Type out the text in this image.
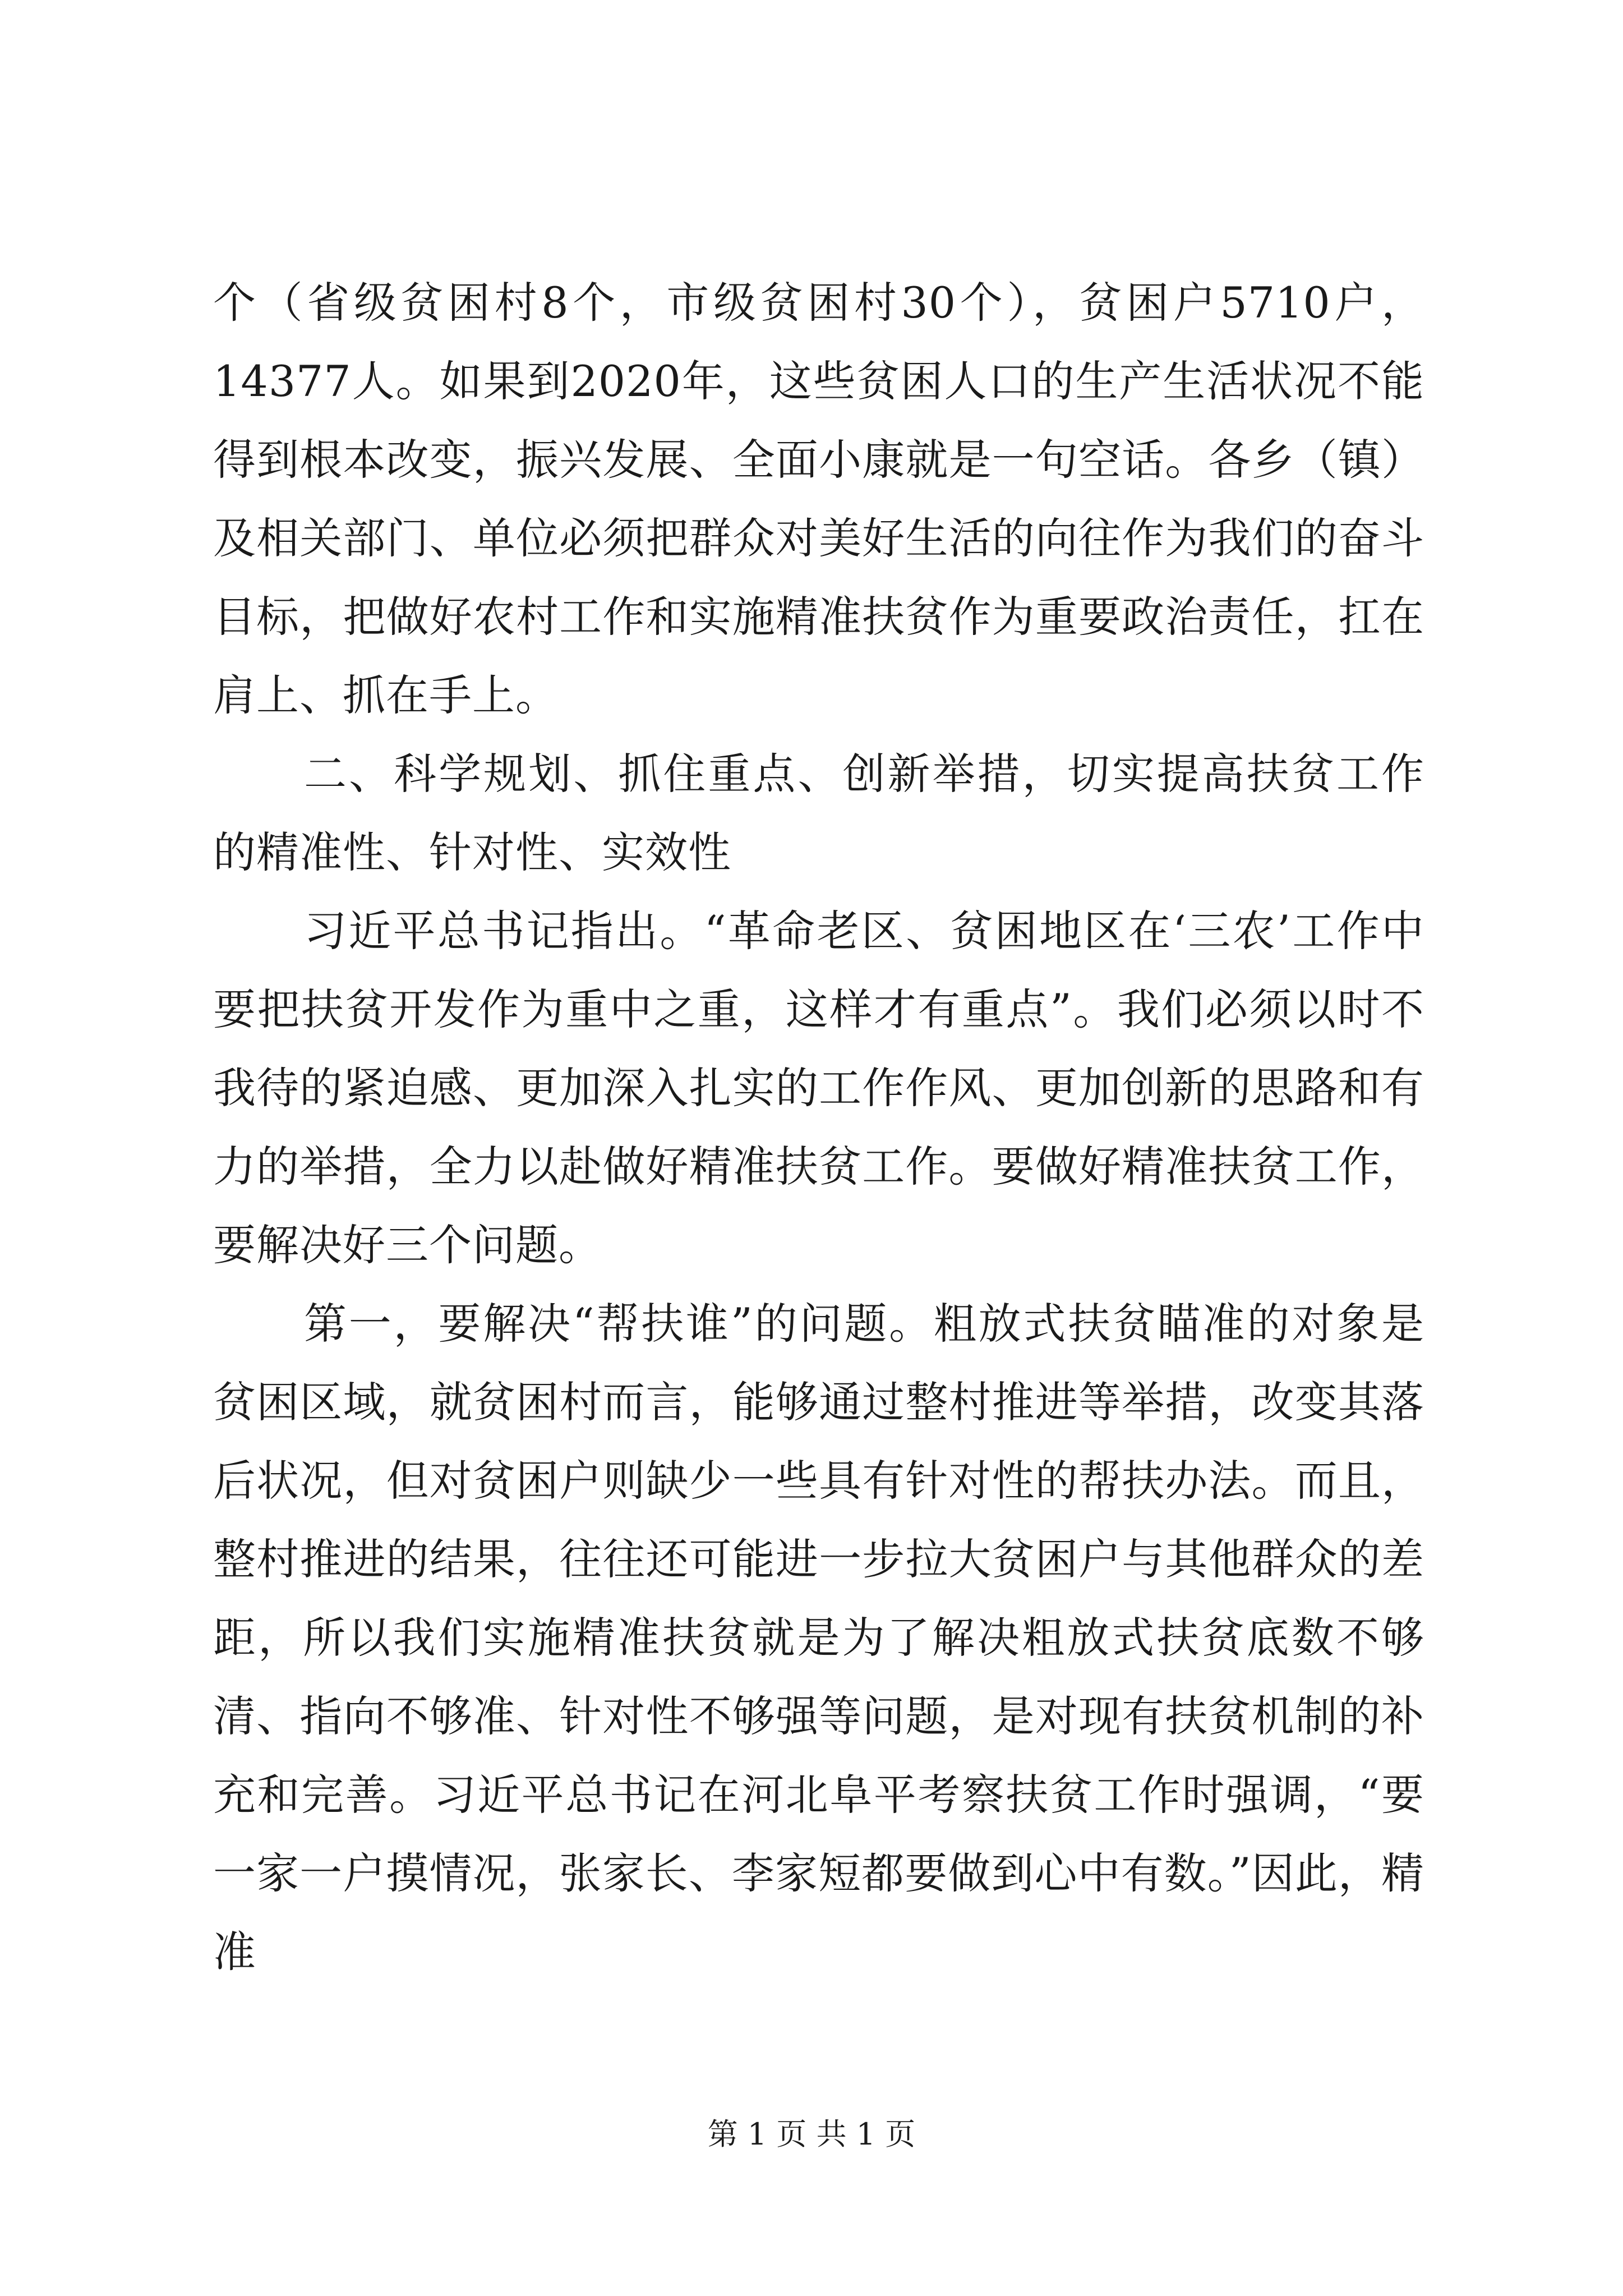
个（省级贫困村8个，市级贫困村30个），贫困户5710户，14377人。如果到2020年，这些贫困人口的生产生活状况不能得到根本改变，振兴发展、全面小康就是一句空话。各乡（镇）及相关部门、单位必须把群众对美好生活的向往作为我们的奋斗目标，把做好农村工作和实施精准扶贫作为重要政治责任，扛在肩上、抓在手上。

二、科学规划、抓住重点、创新举措，切实提高扶贫工作的精准性、针对性、实效性

习近平总书记指出。“革命老区、贫困地区在‘三农’工作中要把扶贫开发作为重中之重，这样才有重点”。我们必须以时不我待的紧迫感、更加深入扎实的工作作风、更加创新的思路和有力的举措，全力以赴做好精准扶贫工作。要做好精准扶贫工作，要解决好三个问题。

第一，要解决“帮扶谁”的问题。粗放式扶贫瞄准的对象是贫困区域，就贫困村而言，能够通过整村推进等举措，改变其落后状况，但对贫困户则缺少一些具有针对性的帮扶办法。而且，整村推进的结果，往往还可能进一步拉大贫困户与其他群众的差距，所以我们实施精准扶贫就是为了解决粗放式扶贫底数不够清、指向不够准、针对性不够强等问题，是对现有扶贫机制的补充和完善。习近平总书记在河北阜平考察扶贫工作时强调，“要一家一户摸情况，张家长、李家短都要做到心中有数。”因此，精准

第 1 页 共 1 页
